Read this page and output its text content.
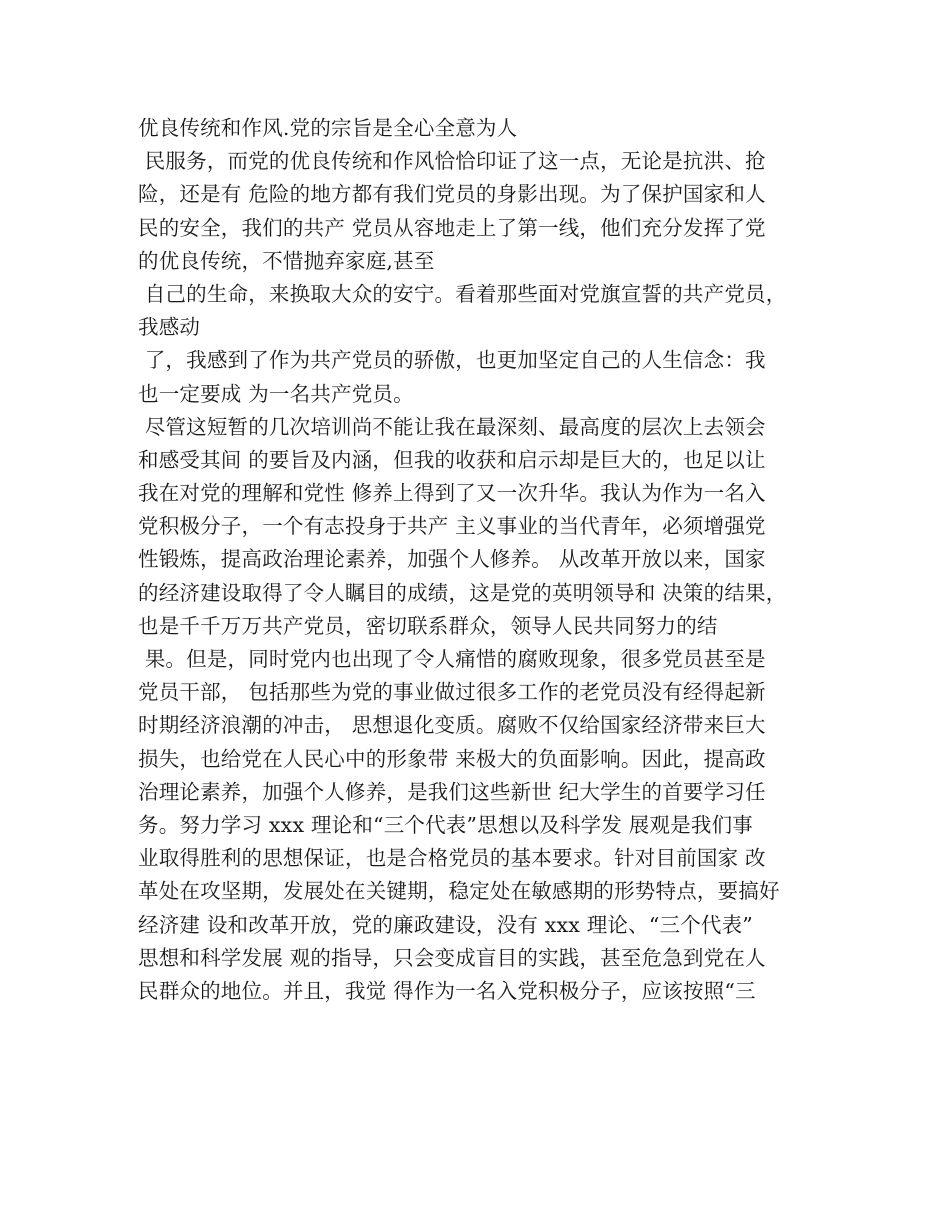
优良传统和作风.党的宗旨是全心全意为人
民服务，而党的优良传统和作风恰恰印证了这一点，无论是抗洪、抢
险，还是有 危险的地方都有我们党员的身影出现。为了保护国家和人
民的安全，我们的共产 党员从容地走上了第一线，他们充分发挥了党
的优良传统，不惜抛弃家庭,甚至
自己的生命，来换取大众的安宁。看着那些面对党旗宣誓的共产党员，
我感动
了，我感到了作为共产党员的骄傲，也更加坚定自己的人生信念：我
也一定要成 为一名共产党员。
尽管这短暂的几次培训尚不能让我在最深刻、最高度的层次上去领会
和感受其间 的要旨及内涵，但我的收获和启示却是巨大的，也足以让
我在对党的理解和党性 修养上得到了又一次升华。我认为作为一名入
党积极分子，一个有志投身于共产 主义事业的当代青年，必须增强党
性锻炼，提高政治理论素养，加强个人修养。 从改革开放以来，国家
的经济建设取得了令人瞩目的成绩，这是党的英明领导和 决策的结果，
也是千千万万共产党员，密切联系群众，领导人民共同努力的结
果。但是，同时党内也出现了令人痛惜的腐败现象，很多党员甚至是
党员干部， 包括那些为党的事业做过很多工作的老党员没有经得起新
时期经济浪潮的冲击， 思想退化变质。腐败不仅给国家经济带来巨大
损失，也给党在人民心中的形象带 来极大的负面影响。因此，提高政
治理论素养，加强个人修养，是我们这些新世 纪大学生的首要学习任
务。努力学习 xxx 理论和“三个代表”思想以及科学发 展观是我们事
业取得胜利的思想保证，也是合格党员的基本要求。针对目前国家 改
革处在攻坚期，发展处在关键期，稳定处在敏感期的形势特点，要搞好
经济建 设和改革开放，党的廉政建设，没有 xxx 理论、“三个代表”
思想和科学发展 观的指导，只会变成盲目的实践，甚至危急到党在人
民群众的地位。并且，我觉 得作为一名入党积极分子，应该按照“三
